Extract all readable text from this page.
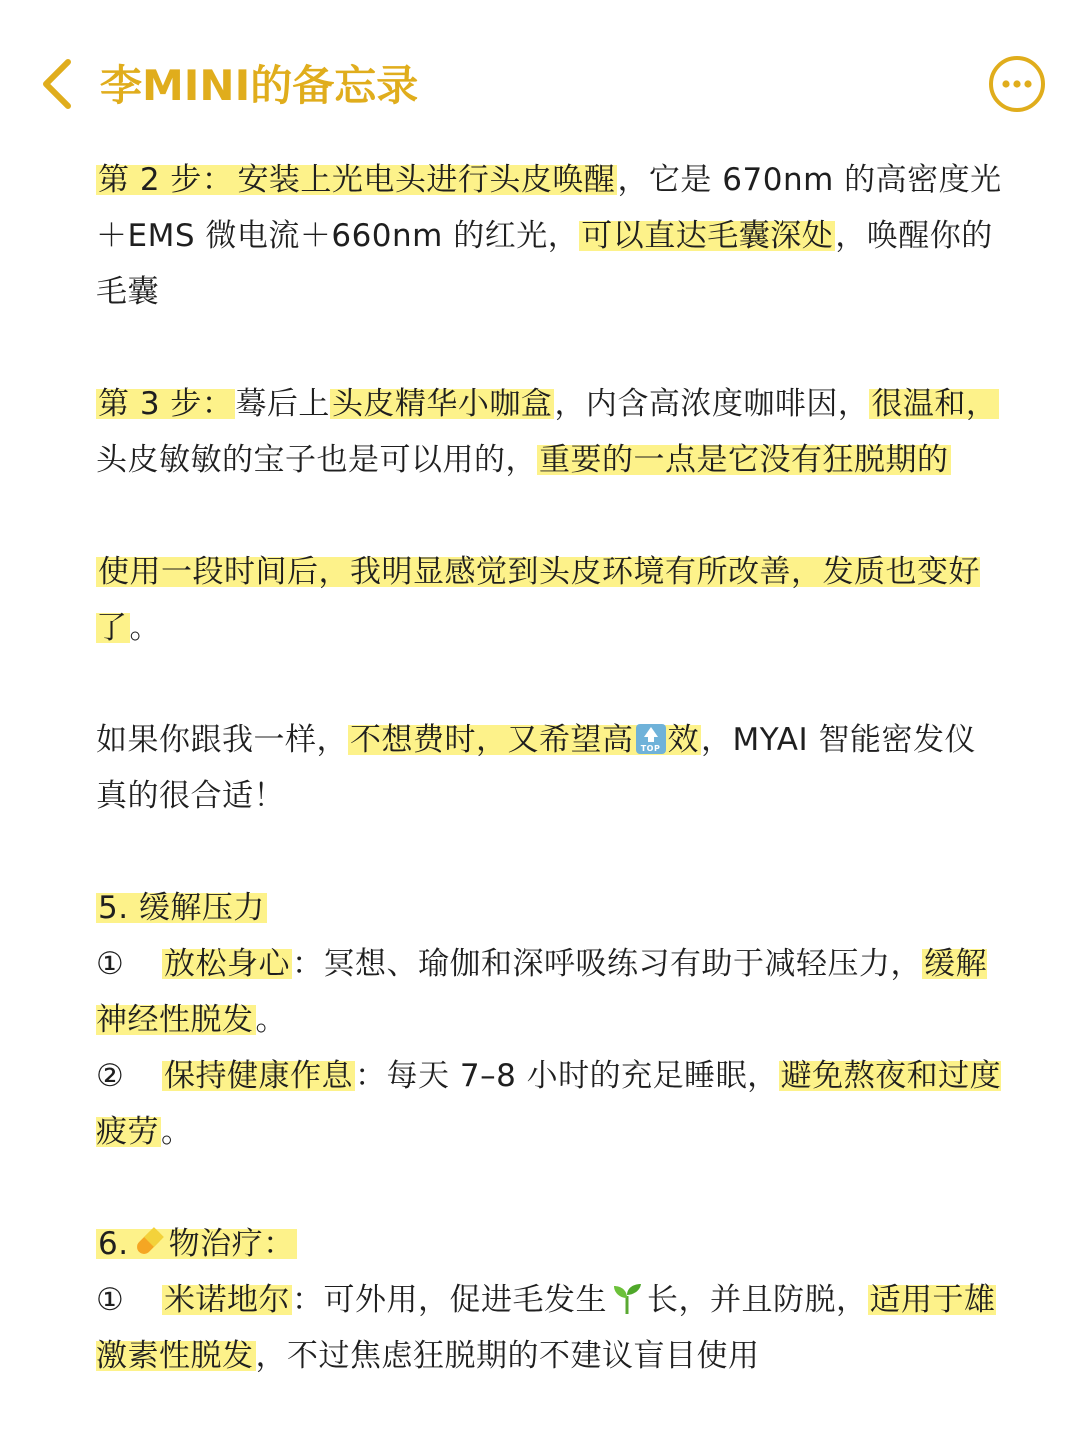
李MINI的备忘录

第 2 步： 安装上光电头进行头皮唤醒，它是 670nm 的高密度光＋EMS 微电流＋660nm 的红光，可以直达毛囊深处，唤醒你的毛囊

第 3 步：蓦后上头皮精华小咖盒，内含高浓度咖啡因，很温和，头皮敏敏的宝子也是可以用的，重要的一点是它没有狂脱期的

使用一段时间后，我明显感觉到头皮环境有所改善，发质也变好了。

如果你跟我一样，不想费时，又希望高 TOP 效，MYAI 智能密发仪真的很合适！

5. 缓解压力

① 放松身心：冥想、瑜伽和深呼吸练习有助于减轻压力，缓解神经性脱发。

② 保持健康作息：每天 7–8 小时的充足睡眠，避免熬夜和过度疲劳。

6. 物治疗：

① 米诺地尔：可外用，促进毛发生 长，并且防脱，适用于雄激素性脱发，不过焦虑狂脱期的不建议盲目使用
